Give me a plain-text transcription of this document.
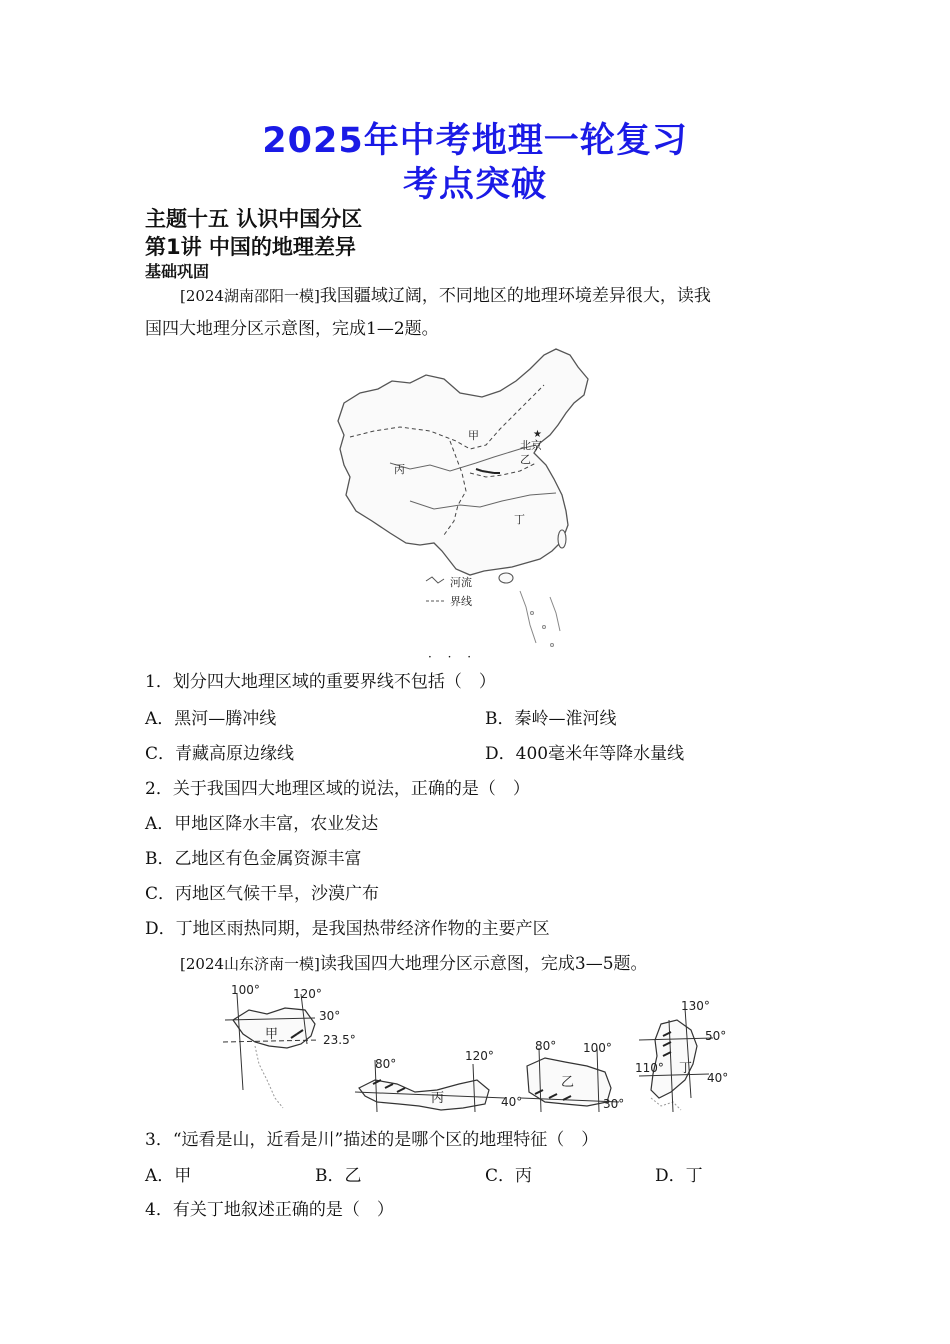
2025年中考地理一轮复习
考点突破
主题十五 认识中国分区
第1讲 中国的地理差异
基础巩固
[2024湖南邵阳一模]我国疆域辽阔，不同地区的地理环境差异很大，读我
国四大地理分区示意图，完成1—2题。
★
北京
甲
乙
丙
丁
河流
界线
· · ·
1．划分四大地理区域的重要界线不包括（　）
A．黑河—腾冲线	B．秦岭—淮河线
C．青藏高原边缘线	D．400毫米年等降水量线
2．关于我国四大地理区域的说法，正确的是（　）
A．甲地区降水丰富，农业发达
B．乙地区有色金属资源丰富
C．丙地区气候干旱，沙漠广布
D．丁地区雨热同期，是我国热带经济作物的主要产区
[2024山东济南一模]读我国四大地理分区示意图，完成3—5题。
100°	120°
30°
23.5°
甲
80°
120°
40°
丙
80° 100°
30°
乙
130°
110°
50°
40°
丁
3．“远看是山，近看是川”描述的是哪个区的地理特征（　）
A．甲	B．乙	C．丙	D．丁
4．有关丁地叙述正确的是（　）
